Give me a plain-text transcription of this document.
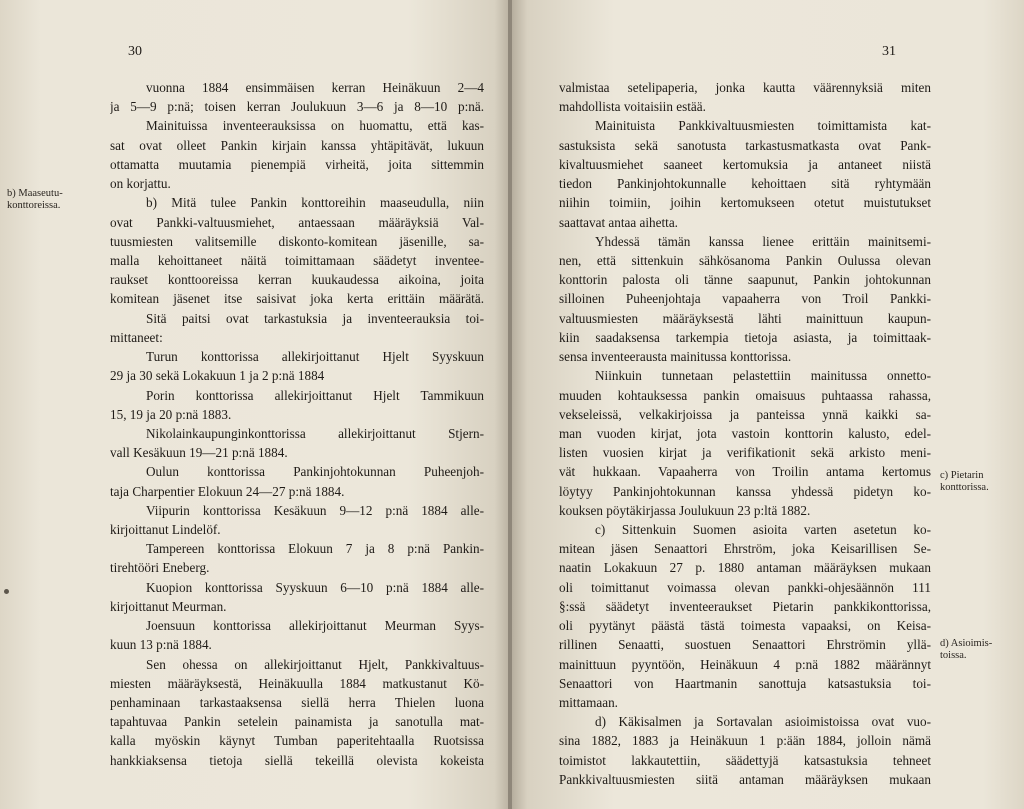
30
b) Maaseutu-
konttoreissa.
vuonna 1884 ensimmäisen kerran Heinäkuun 2—4
ja 5—9 p:nä; toisen kerran Joulukuun 3—6 ja 8—10 p:nä.
Mainituissa inventeerauksissa on huomattu, että kas-
sat ovat olleet Pankin kirjain kanssa yhtäpitävät, lukuun
ottamatta muutamia pienempiä virheitä, joita sittemmin
on korjattu.
b) Mitä tulee Pankin konttoreihin maaseudulla, niin
ovat Pankki-valtuusmiehet, antaessaan määräyksiä Val-
tuusmiesten valitsemille diskonto-komitean jäsenille, sa-
malla kehoittaneet näitä toimittamaan säädetyt inventee-
raukset konttooreissa kerran kuukaudessa aikoina, joita
komitean jäsenet itse saisivat joka kerta erittäin määrätä.
Sitä paitsi ovat tarkastuksia ja inventeerauksia toi-
mittaneet:
Turun konttorissa allekirjoittanut Hjelt Syyskuun
29 ja 30 sekä Lokakuun 1 ja 2 p:nä 1884
Porin konttorissa allekirjoittanut Hjelt Tammikuun
15, 19 ja 20 p:nä 1883.
Nikolainkaupunginkonttorissa allekirjoittanut Stjern-
vall Kesäkuun 19—21 p:nä 1884.
Oulun konttorissa Pankinjohtokunnan Puheenjoh-
taja Charpentier Elokuun 24—27 p:nä 1884.
Viipurin konttorissa Kesäkuun 9—12 p:nä 1884 alle-
kirjoittanut Lindelöf.
Tampereen konttorissa Elokuun 7 ja 8 p:nä Pankin-
tirehtööri Eneberg.
Kuopion konttorissa Syyskuun 6—10 p:nä 1884 alle-
kirjoittanut Meurman.
Joensuun konttorissa allekirjoittanut Meurman Syys-
kuun 13 p:nä 1884.
Sen ohessa on allekirjoittanut Hjelt, Pankkivaltuus-
miesten määräyksestä, Heinäkuulla 1884 matkustanut Kö-
penhaminaan tarkastaaksensa siellä herra Thielen luona
tapahtuvaa Pankin setelein painamista ja sanotulla mat-
kalla myöskin käynyt Tumban paperitehtaalla Ruotsissa
hankkiaksensa tietoja siellä tekeillä olevista kokeista
31
valmistaa setelipaperia, jonka kautta väärennyksiä miten
mahdollista voitaisiin estää.
Mainituista Pankkivaltuusmiesten toimittamista kat-
sastuksista sekä sanotusta tarkastusmatkasta ovat Pank-
kivaltuusmiehet saaneet kertomuksia ja antaneet niistä
tiedon Pankinjohtokunnalle kehoittaen sitä ryhtymään
niihin toimiin, joihin kertomukseen otetut muistutukset
saattavat antaa aihetta.
Yhdessä tämän kanssa lienee erittäin mainitsemi-
nen, että sittenkuin sähkösanoma Pankin Oulussa olevan
konttorin palosta oli tänne saapunut, Pankin johtokunnan
silloinen Puheenjohtaja vapaaherra von Troil Pankki-
valtuusmiesten määräyksestä lähti mainittuun kaupun-
kiin saadaksensa tarkempia tietoja asiasta, ja toimittaak-
sensa inventeerausta mainitussa konttorissa.
Niinkuin tunnetaan pelastettiin mainitussa onnetto-
muuden kohtauksessa pankin omaisuus puhtaassa rahassa,
vekseleissä, velkakirjoissa ja panteissa ynnä kaikki sa-
man vuoden kirjat, jota vastoin konttorin kalusto, edel-
listen vuosien kirjat ja verifikationit sekä arkisto meni-
vät hukkaan. Vapaaherra von Troilin antama kertomus
löytyy Pankinjohtokunnan kanssa yhdessä pidetyn ko-
kouksen pöytäkirjassa Joulukuun 23 p:ltä 1882.
c) Sittenkuin Suomen asioita varten asetetun ko-
mitean jäsen Senaattori Ehrström, joka Keisarillisen Se-
naatin Lokakuun 27 p. 1880 antaman määräyksen mukaan
oli toimittanut voimassa olevan pankki-ohjesäännön 111
§:ssä säädetyt inventeeraukset Pietarin pankkikonttorissa,
oli pyytänyt päästä tästä toimesta vapaaksi, on Keisa-
rillinen Senaatti, suostuen Senaattori Ehrströmin yllä-
mainittuun pyyntöön, Heinäkuun 4 p:nä 1882 määrännyt
Senaattori von Haartmanin sanottuja katsastuksia toi-
mittamaan.
d) Käkisalmen ja Sortavalan asioimistoissa ovat vuo-
sina 1882, 1883 ja Heinäkuun 1 p:ään 1884, jolloin nämä
toimistot lakkautettiin, säädettyjä katsastuksia tehneet
Pankkivaltuusmiesten siitä antaman määräyksen mukaan
c) Pietarin
konttorissa.
d) Asioimis-
toissa.
